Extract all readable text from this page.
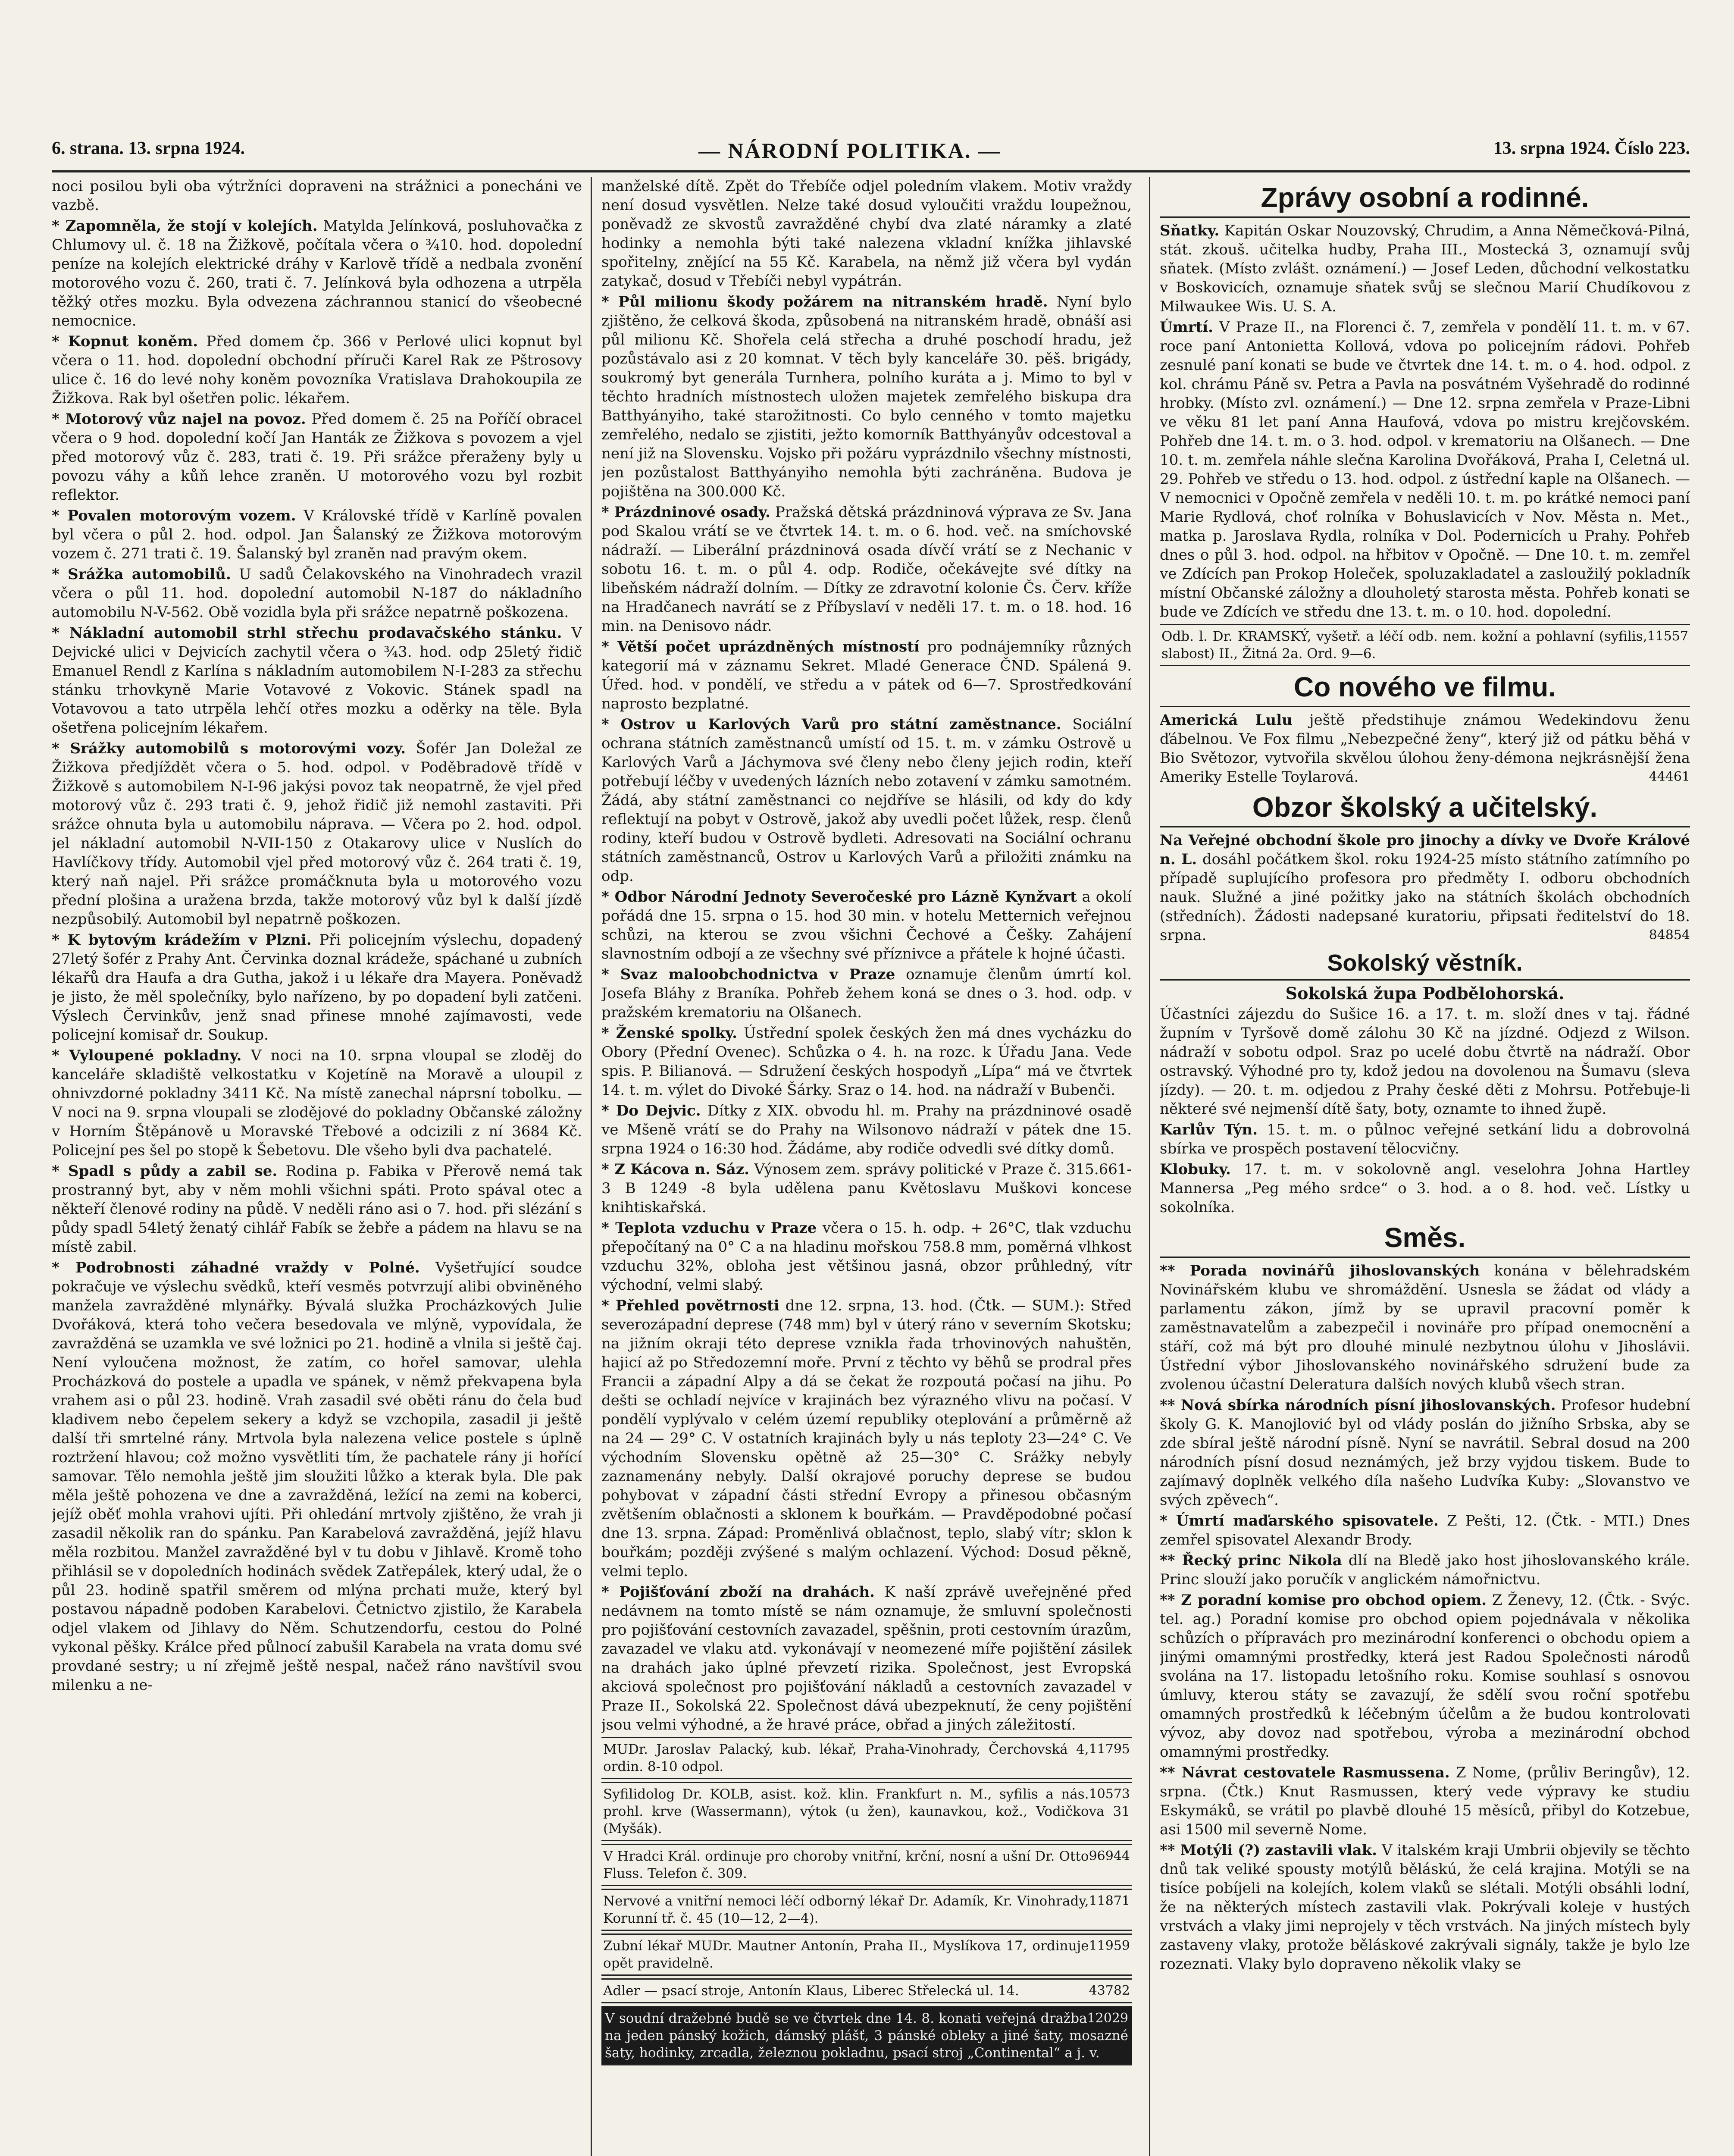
6. strana. 13. srpna 1924.	— NÁRODNÍ POLITIKA. —	13. srpna 1924. Číslo 223.

noci posilou byli oba výtržníci dopraveni na strážnici a ponecháni ve vazbě.

* Zapomněla, že stojí v kolejích. Matylda Jelínková, posluhovačka z Chlumovy ul. č. 18 na Žižkově, počítala včera o ¾10. hod. dopolední peníze na kolejích elektrické dráhy v Karlově třídě a nedbala zvonění motorového vozu č. 260, trati č. 7. Jelínková byla odhozena a utrpěla těžký otřes mozku. Byla odvezena záchrannou stanicí do všeobecné nemocnice.

* Kopnut koněm. Před domem čp. 366 v Perlové ulici kopnut byl včera o 11. hod. dopolední obchodní příruči Karel Rak ze Pštrosovy ulice č. 16 do levé nohy koněm povozníka Vratislava Drahokoupila ze Žižkova. Rak byl ošetřen polic. lékařem.

* Motorový vůz najel na povoz. Před domem č. 25 na Poříčí obracel včera o 9 hod. dopolední kočí Jan Hanták ze Žižkova s povozem a vjel před motorový vůz č. 283, trati č. 19. Při srážce přeraženy byly u povozu váhy a kůň lehce zraněn. U motorového vozu byl rozbit reflektor.

* Povalen motorovým vozem. V Královské třídě v Karlíně povalen byl včera o půl 2. hod. odpol. Jan Šalanský ze Žižkova motorovým vozem č. 271 trati č. 19. Šalanský byl zraněn nad pravým okem.

* Srážka automobilů. U sadů Čelakovského na Vinohradech vrazil včera o půl 11. hod. dopolední automobil N-187 do nákladního automobilu N-V-562. Obě vozidla byla při srážce nepatrně poškozena.

* Nákladní automobil strhl střechu prodavačského stánku. V Dejvické ulici v Dejvicích zachytil včera o ¾3. hod. odp 25letý řidič Emanuel Rendl z Karlína s nákladním automobilem N-I-283 za střechu stánku trhovkyně Marie Votavové z Vokovic. Stánek spadl na Votavovou a tato utrpěla lehčí otřes mozku a oděrky na těle. Byla ošetřena policejním lékařem.

* Srážky automobilů s motorovými vozy. Šofér Jan Doležal ze Žižkova předjíždět včera o 5. hod. odpol. v Poděbradově třídě v Žižkově s automobilem N-I-96 jakýsi povoz tak neopatrně, že vjel před motorový vůz č. 293 trati č. 9, jehož řidič již nemohl zastaviti. Při srážce ohnuta byla u automobilu nápravа. — Včera po 2. hod. odpol. jel nákladní automobil N-VII-150 z Otakarovy ulice v Nuslích do Havlíčkovy třídy. Automobil vjel před motorový vůz č. 264 trati č. 19, který naň najel. Při srážce promáčknuta byla u motorového vozu přední plošina a uražena brzda, takže motorový vůz byl k další jízdě nezpůsobilý. Automobil byl nepatrně poškozen.

* K bytovým krádežím v Plzni. Při policejním výslechu, dopadený 27letý šofér z Prahy Ant. Červinka doznal krádeže, spáchané u zubních lékařů dra Haufa a dra Gutha, jakož i u lékaře dra Mayera. Poněvadž je jisto, že měl společníky, bylo nařízeno, by po dopadení byli zatčeni. Výslech Červinkův, jenž snad přinese mnohé zajímavosti, vede policejní komisař dr. Soukup.

* Vyloupené pokladny. V noci na 10. srpna vloupal se zloděj do kanceláře skladiště velkostatku v Kojetíně na Moravě a uloupil z ohnivzdorné pokladny 3411 Kč. Na místě zanechal náprsní tobolku. — V noci na 9. srpna vloupali se zlodějové do pokladny Občanské záložny v Horním Štěpánově u Moravské Třebové a odcizili z ní 3684 Kč. Policejní pes šel po stopě k Šebetovu. Dle všeho byli dva pachatelé.

* Spadl s půdy a zabil se. Rodina p. Fabika v Přerově nemá tak prostranný byt, aby v něm mohli všichni spáti. Proto spával otec a někteří členové rodiny na půdě. V neděli ráno asi o 7. hod. při slézání s půdy spadl 54letý ženatý cihlář Fabík se žebře a pádem na hlavu se na místě zabil.

* Podrobnosti záhadné vraždy v Polné. Vyšetřující soudce pokračuje ve výslechu svědků, kteří vesměs potvrzují alibi obviněného manžela zavražděné mlynářky. Bývalá služka Procházkových Julie Dvořáková, která toho večera besedovala ve mlýně, vypovídala, že zavražděná se uzamkla ve své ložnici po 21. hodině a vlnila si ještě čaj. Není vyloučena možnost, že zatím, co hořel samovar, ulehla Procházková do postele a upadla ve spánek, v němž překvapena byla vrahem asi o půl 23. hodině. Vrah zasadil své oběti ránu do čela buď kladivem nebo čepelem sekery a když se vzchopila, zasadil ji ještě další tři smrtelné rány. Mrtvola byla nalezena velice postele s úplně roztržení hlavou; což možno vysvětliti tím, že pachatele rány ji hořící samovar. Tělo nemohla ještě jim sloužiti lůžko a kterak byla. Dle pak měla ještě pohozena ve dne a zavražděná, ležící na zemi na koberci, jejíž oběť mohla vrahovi ujíti. Při ohledání mrtvoly zjištěno, že vrah ji zasadil několik ran do spánku. Pan Karabelová zavražděná, jejíž hlavu měla rozbitou. Manžel zavražděné byl v tu dobu v Jihlavě. Kromě toho přihlásil se v dopoledních hodinách svědek Zatřepálek, který udal, že o půl 23. hodině spatřil směrem od mlýna prchati muže, který byl postavou nápadně podoben Karabelovi. Četnictvo zjistilo, že Karabela odjel vlakem od Jihlavy do Něm. Schutzendorfu, cestou do Polné vykonal pěšky. Králce před půlnocí zabušil Karabela na vrata domu své provdané sestry; u ní zřejmě ještě nespal, načež ráno navštívil svou milenku a ne-

manželské dítě. Zpět do Třebíče odjel poledním vlakem. Motiv vraždy není dosud vysvětlen. Nelze také dosud vyloučiti vraždu loupežnou, poněvadž ze skvostů zavražděné chybí dva zlaté náramky a zlaté hodinky a nemohla býti také nalezena vkladní knížka jihlavské spořitelny, znějící na 55 Kč. Karabela, na němž již včera byl vydán zatykač, dosud v Třebíči nebyl vypátrán.

* Půl milionu škody požárem na nitranském hradě. Nyní bylo zjištěno, že celková škoda, způsobená na nitranském hradě, obnáší asi půl milionu Kč. Shořela celá střecha a druhé poschodí hradu, jež pozůstávalo asi z 20 komnat. V těch byly kanceláře 30. pěš. brigády, soukromý byt generála Turnhera, polního kuráta a j. Mimo to byl v těchto hradních místnostech uložen majetek zemřelého biskupa dra Batthyányiho, také starožitnosti. Co bylo cenného v tomto majetku zemřelého, nedalo se zjistiti, ježto komorník Batthyányův odcestoval a není již na Slovensku. Vojsko při požáru vyprázdnilo všechny místnosti, jen pozůstalost Batthyányiho nemohla býti zachráněna. Budova je pojištěna na 300.000 Kč.

* Prázdninové osady. Pražská dětská prázdninová výprava ze Sv. Jana pod Skalou vrátí se ve čtvrtek 14. t. m. o 6. hod. več. na smíchovské nádraží. — Liberální prázdninová osada dívčí vrátí se z Nechanic v sobotu 16. t. m. o půl 4. odp. Rodiče, očekávejte své dítky na libeňském nádraží dolním. — Dítky ze zdravotní kolonie Čs. Červ. kříže na Hradčanech navrátí se z Příbyslaví v neděli 17. t. m. o 18. hod. 16 min. na Denisovo nádr.

* Větší počet uprázdněných místností pro podnájemníky různých kategorií má v záznamu Sekret. Mladé Generace ČND. Spálená 9. Úřed. hod. v pondělí, ve středu a v pátek od 6—7. Sprostředkování naprosto bezplatné.

* Ostrov u Karlových Varů pro státní zaměstnance. Sociální ochrana státních zaměstnanců umístí od 15. t. m. v zámku Ostrově u Karlových Varů a Jáchymova své členy nebo členy jejich rodin, kteří potřebují léčby v uvedených lázních nebo zotavení v zámku samotném. Žádá, aby státní zaměstnanci co nejdříve se hlásili, od kdy do kdy reflektují na pobyt v Ostrově, jakož aby uvedli počet lůžek, resp. členů rodiny, kteří budou v Ostrově bydleti. Adresovati na Sociální ochranu státních zaměstnanců, Ostrov u Karlových Varů a přiložiti známku na odp.

* Odbor Národní Jednoty Severočeské pro Lázně Kynžvart a okolí pořádá dne 15. srpna o 15. hod 30 min. v hotelu Metternich veřejnou schůzi, na kterou se zvou všichni Čechové a Češky. Zahájení slavnostním odbojí a ze všechny své příznivce a přátele k hojné účasti.

* Svaz maloobchodnictva v Praze oznamuje členům úmrtí kol. Josefa Bláhy z Braníka. Pohřeb žehem koná se dnes o 3. hod. odp. v pražském krematoriu na Olšanech.

* Ženské spolky. Ústřední spolek českých žen má dnes vycházku do Obory (Přední Ovenec). Schůzka o 4. h. na rozc. k Úřadu Jana. Vede spis. P. Bilianová. — Sdružení českých hospodyň „Lípa“ má ve čtvrtek 14. t. m. výlet do Divoké Šárky. Sraz o 14. hod. na nádraží v Bubenči.

* Do Dejvic. Dítky z XIX. obvodu hl. m. Prahy na prázdninové osadě ve Mšeně vrátí se do Prahy na Wilsonovo nádraží v pátek dne 15. srpna 1924 o 16:30 hod. Žádáme, aby rodiče odvedli své dítky domů.

* Z Kácova n. Sáz. Výnosem zem. správy politické v Praze č. 315.661-3 B 1249 -8 byla udělena panu Květoslavu Muškovi koncese knihtiskařská.

* Teplota vzduchu v Praze včera o 15. h. odp. + 26°C, tlak vzduchu přepočítaný na 0° C a na hladinu mořskou 758.8 mm, poměrná vlhkost vzduchu 32%, obloha jest většinou jasná, obzor průhledný, vítr východní, velmi slabý.

* Přehled povětrnosti dne 12. srpna, 13. hod. (Čtk. — SUM.): Střed severozápadní deprese (748 mm) byl v úterý ráno v severním Skotsku; na jižním okraji této deprese vznikla řada trhovinových nahuštěn, hajicí až po Středozemní moře. První z těchto vy běhů se prodral přes Francii a západní Alpy a dá se čekat že rozpoutá počasí na jihu. Po dešti se ochladí nejvíce v krajinách bez výrazného vlivu na počasí. V pondělí vyplývalo v celém území republiky oteplování a průměrně až na 24 — 29° C. V ostatních krajinách byly u nás teploty 23—24° C. Ve východním Slovensku opětně až 25—30° C. Srážky nebyly zaznamenány nebyly. Další okrajové poruchy deprese se budou pohybovat v západní části střední Evropy a přinesou občasným zvětšením oblačnosti a sklonem k bouřkám. — Pravděpodobné počasí dne 13. srpna. Západ: Proměnlivá oblačnost, teplo, slabý vítr; sklon k bouřkám; později zvýšené s malým ochlazení. Východ: Dosud pěkně, velmi teplo.

* Pojišťování zboží na drahách. K naší zprávě uveřejněné před nedávnem na tomto místě se nám oznamuje, že smluvní společnosti pro pojišťování cestovních zavazadel, spěšnin, proti cestovním úrazům, zavazadel ve vlaku atd. vykonávají v neomezené míře pojištění zásilek na drahách jako úplné převzetí rizika. Společnost, jest Evropská akciová společnost pro pojišťování nákladů a cestovních zavazadel v Praze II., Sokolská 22. Společnost dává ubezpeknutí, že ceny pojištění jsou velmi výhodné, a že hravé práce, obřad a jiných záležitostí.

11795
MUDr. Jaroslav Palacký, kub. lékař, Praha-Vinohrady, Čerchovská 4, ordin. 8-10 odpol.
10573
Syfilidolog Dr. KOLB, asist. kož. klin. Frankfurt n. M., syfilis a nás. prohl. krve (Wassermann), výtok (u žen), kaunavkou, kož., Vodičkova 31 (Myšák).
96944
V Hradci Král. ordinuje pro choroby vnitřní, krční, nosní a ušní Dr. Otto Fluss. Telefon č. 309.
11871
Nervové a vnitřní nemoci léčí odborný lékař Dr. Adamík, Kr. Vinohrady, Korunní tř. č. 45 (10—12, 2—4).
11959
Zubní lékař MUDr. Mautner Antonín, Praha II., Myslíkova 17, ordinuje opět pravidelně.
43782
Adler — psací stroje, Antonín Klaus, Liberec Střelecká ul. 14.
12029
V soudní dražebné budě se ve čtvrtek dne 14. 8. konati veřejná dražba na jeden pánský kožich, dámský plášť, 3 pánské obleky a jiné šaty, mosazné šaty, hodinky, zrcadla, železnou pokladnu, psací stroj „Continental“ a j. v.
Zprávy osobní a rodinné.

Sňatky. Kapitán Oskar Nouzovský, Chrudim, a Anna Němečková-Pilná, stát. zkouš. učitelka hudby, Praha III., Mostecká 3, oznamují svůj sňatek. (Místo zvlášt. oznámení.) — Josef Leden, důchodní velkostatku v Boskovicích, oznamuje sňatek svůj se slečnou Marií Chudíkovou z Milwaukee Wis. U. S. A.

Úmrtí. V Praze II., na Florenci č. 7, zemřela v pondělí 11. t. m. v 67. roce paní Antonietta Kollová, vdova po policejním rádovi. Pohřeb zesnulé paní konati se bude ve čtvrtek dne 14. t. m. o 4. hod. odpol. z kol. chrámu Páně sv. Petra a Pavla na posvátném Vyšehradě do rodinné hrobky. (Místo zvl. oznámení.) — Dne 12. srpna zemřela v Praze-Libni ve věku 81 let paní Anna Haufová, vdova po mistru krejčovském. Pohřeb dne 14. t. m. o 3. hod. odpol. v krematoriu na Olšanech. — Dne 10. t. m. zemřela náhle slečna Karolina Dvořáková, Praha I, Celetná ul. 29. Pohřeb ve středu o 13. hod. odpol. z ústřední kaple na Olšanech. — V nemocnici v Opočně zemřela v neděli 10. t. m. po krátké nemoci paní Marie Rydlová, choť rolníka v Bohuslavicích v Nov. Města n. Met., matka p. Jaroslava Rydla, rolníka v Dol. Podernicích u Prahy. Pohřeb dnes o půl 3. hod. odpol. na hřbitov v Opočně. — Dne 10. t. m. zemřel ve Zdících pan Prokop Holeček, spoluzakladatel a zasloužilý pokladník místní Občanské záložny a dlouholetý starosta města. Pohřeb konati se bude ve Zdících ve středu dne 13. t. m. o 10. hod. dopolední.

11557
Odb. l. Dr. KRAMSKÝ, vyšetř. a léčí odb. nem. kožní a pohlavní (syfilis, slabost) II., Žitná 2a. Ord. 9—6.
Co nového ve filmu.

Americká Lulu ještě předstihuje známou Wedekindovu ženu ďábelnou. Ve Fox filmu „Nebezpečné ženy“, který již od pátku běhá v Bio Světozor, vytvořila skvělou úlohou ženy-démona nejkrásnější žena Ameriky Estelle Toylarová.	44461

Obzor školský a učitelský.

Na Veřejné obchodní škole pro jinochy a dívky ve Dvoře Králové n. L. dosáhl počátkem škol. roku 1924-25 místo státního zatímního po případě suplujícího profesora pro předměty I. odboru obchodních nauk. Služné a jiné požitky jako na státních školách obchodních (středních). Žádosti nadepsané kuratoriu, připsati ředitelství do 18. srpna.	84854

Sokolský věstník.
Sokolská župa Podbělohorská.

Účastníci zájezdu do Sušice 16. a 17. t. m. složí dnes v taj. řádné župním v Tyršově domě zálohu 30 Kč na jízdné. Odjezd z Wilson. nádraží v sobotu odpol. Sraz po ucelé dobu čtvrtě na nádraží. Obor ostravský. Výhodné pro ty, kdož jedou na dovolenou na Šumavu (sleva jízdy). — 20. t. m. odjedou z Prahy české děti z Mohrsu. Potřebuje-li některé své nejmenší dítě šaty, boty, oznamte to ihned župě.

Karlův Týn. 15. t. m. o půlnoc veřejné setkání lidu a dobrovolná sbírka ve prospěch postavení tělocvičny.

Klobuky. 17. t. m. v sokolovně angl. veselohra Johna Hartley Mannersa „Peg mého srdce“ o 3. hod. a o 8. hod. več. Lístky u sokolníka.

Směs.

** Porada novinářů jihoslovanských konána v bělehradském Novinářském klubu ve shromáždění. Usnesla se žádat od vlády a parlamentu zákon, jímž by se upravil pracovní poměr k zaměstnavatelům a zabezpečil i novináře pro případ onemocnění a stáří, což má být pro dlouhé minulé nezbytnou úlohu v Jihoslávii. Ústřední výbor Jihoslovanského novinářského sdružení bude za zvolenou účastní Deleratura dalších nových klubů všech stran.

** Nová sbírka národních písní jihoslovanských. Profesor hudební školy G. K. Manojlović byl od vlády poslán do jižního Srbska, aby se zde sbíral ještě národní písně. Nyní se navrátil. Sebral dosud na 200 národních písní dosud neznámých, jež brzy vyjdou tiskem. Bude to zajímavý doplněk velkého díla našeho Ludvíka Kuby: „Slovanstvo ve svých zpěvech“.

* Úmrtí maďarského spisovatele. Z Pešti, 12. (Čtk. - MTI.) Dnes zemřel spisovatel Alexandr Brody.

** Řecký princ Nikola dlí na Bledě jako host jihoslovanského krále. Princ slouží jako poručík v anglickém námořnictvu.

** Z poradní komise pro obchod opiem. Z Ženevy, 12. (Čtk. - Svýc. tel. ag.) Poradní komise pro obchod opiem pojednávala v několika schůzích o přípravách pro mezinárodní konferenci o obchodu opiem a jinými omamnými prostředky, která jest Radou Společnosti národů svolána na 17. listopadu letošního roku. Komise souhlasí s osnovou úmluvy, kterou státy se zavazují, že sdělí svou roční spotřebu omamných prostředků k léčebným účelům a že budou kontrolovati vývoz, aby dovoz nad spotřebou, výroba a mezinárodní obchod omamnými prostředky.

** Návrat cestovatele Rasmussena. Z Nome, (průliv Beringův), 12. srpna. (Čtk.) Knut Rasmussen, který vede výpravy ke studiu Eskymáků, se vrátil po plavbě dlouhé 15 měsíců, přibyl do Kotzebue, asi 1500 mil severně Nome.

** Motýli (?) zastavili vlak. V italském kraji Umbrii objevily se těchto dnů tak veliké spousty motýlů běláskú, že celá krajina. Motýli se na tisíce pobíjeli na kolejích, kolem vlaků se slétali. Motýli obsáhli lodní, že na některých místech zastavili vlak. Pokrývali koleje v hustých vrstvách a vlaky jimi neprojely v těch vrstvách. Na jiných místech byly zastaveny vlaky, protože běláskové zakrývali signály, takže je bylo lze rozeznati. Vlaky bylo dopraveno několik vlaky se
